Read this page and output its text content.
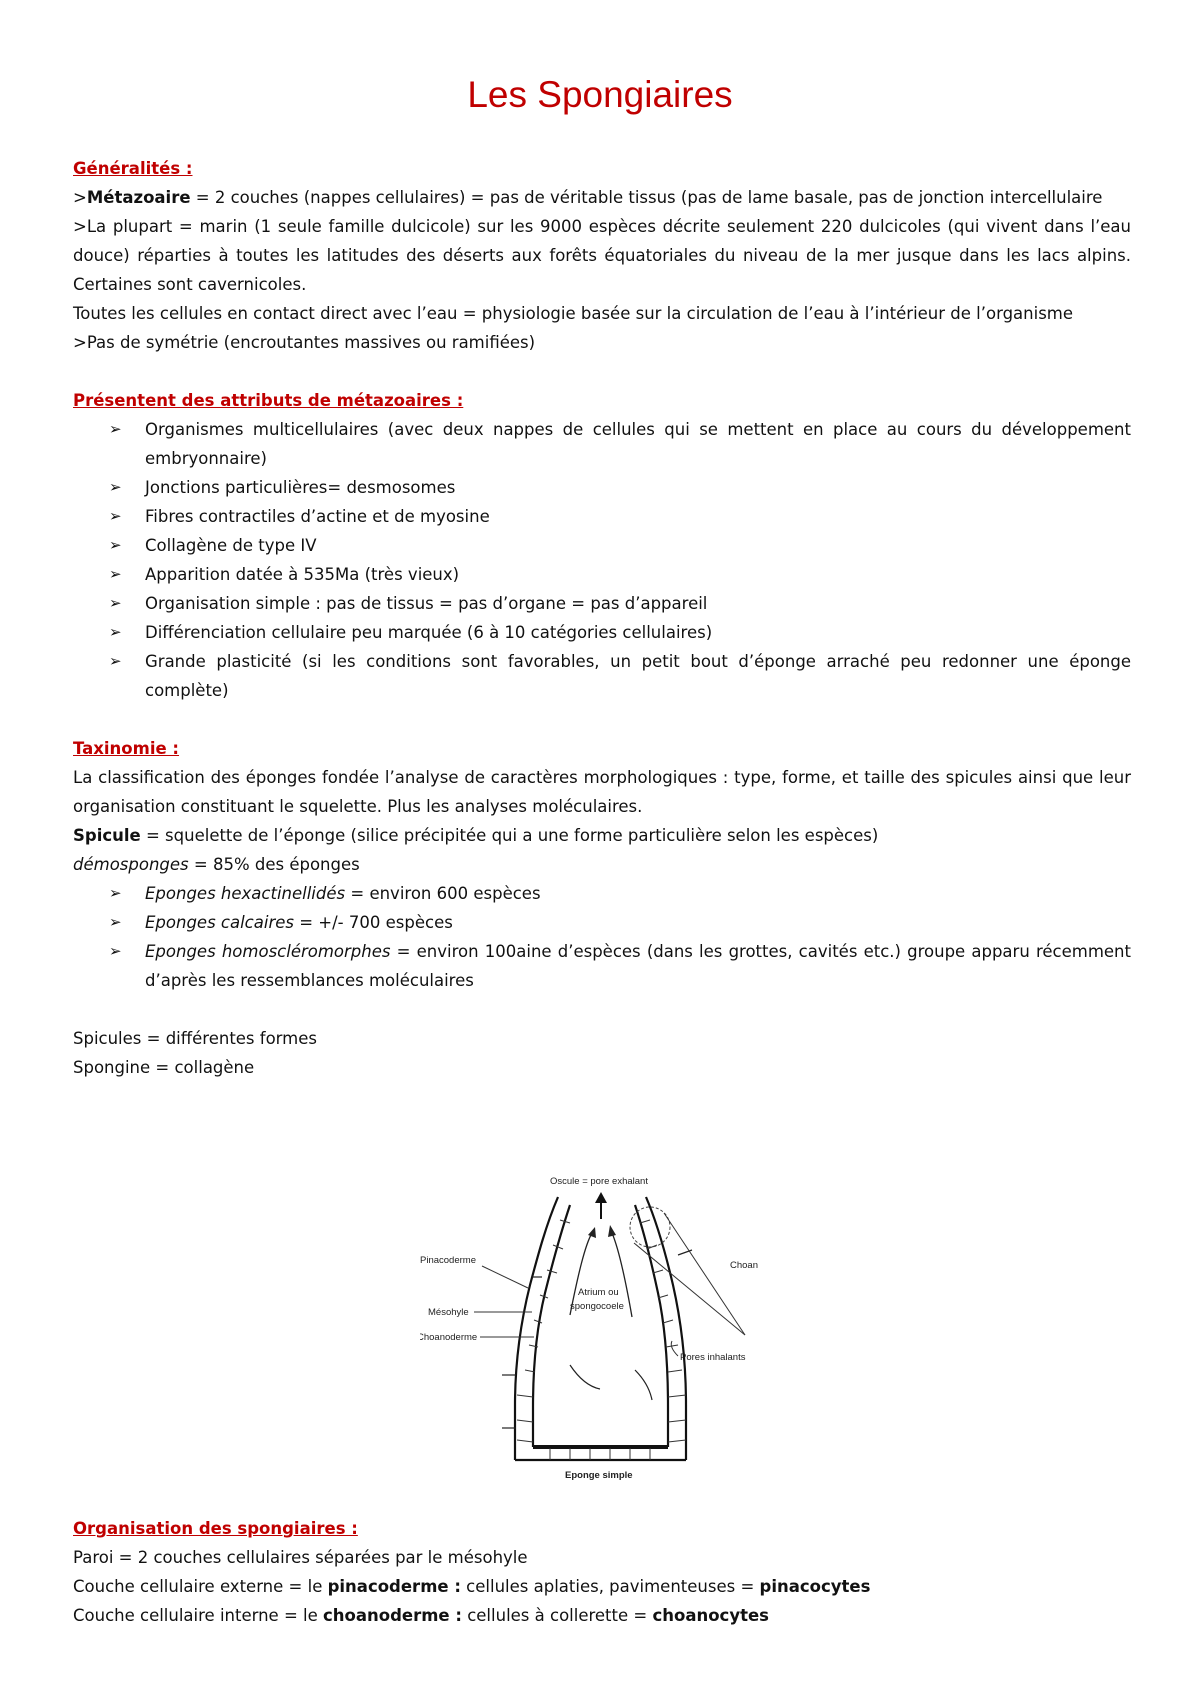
Les Spongiaires
Généralités :
>Métazoaire = 2 couches (nappes cellulaires) = pas de véritable tissus (pas de lame basale, pas de jonction intercellulaire
>La plupart = marin (1 seule famille dulcicole) sur les 9000 espèces décrite seulement 220 dulcicoles (qui vivent dans l’eau douce) réparties à toutes les latitudes des déserts aux forêts équatoriales du niveau de la mer jusque dans les lacs alpins. Certaines sont cavernicoles.
Toutes les cellules en contact direct avec l’eau = physiologie basée sur la circulation de l’eau à l’intérieur de l’organisme
>Pas de symétrie (encroutantes massives ou ramifiées)
Présentent des attributs de métazoaires :
➢ Organismes multicellulaires (avec deux nappes de cellules qui se mettent en place au cours du développement embryonnaire)
➢ Jonctions particulières= desmosomes
➢ Fibres contractiles d’actine et de myosine
➢ Collagène de type IV
➢ Apparition datée à 535Ma (très vieux)
➢ Organisation simple : pas de tissus = pas d’organe = pas d’appareil
➢ Différenciation cellulaire peu marquée (6 à 10 catégories cellulaires)
➢ Grande plasticité (si les conditions sont favorables, un petit bout d’éponge arraché peu redonner une éponge complète)
Taxinomie :
La classification des éponges fondée l’analyse de caractères morphologiques : type, forme, et taille des spicules ainsi que leur organisation constituant le squelette. Plus les analyses moléculaires.
Spicule = squelette de l’éponge (silice précipitée qui a une forme particulière selon les espèces)
démosponges = 85% des éponges
➢ Eponges hexactinellidés = environ 600 espèces
➢ Eponges calcaires = +/- 700 espèces
➢ Eponges homoscléromorphes = environ 100aine d’espèces (dans les grottes, cavités etc.) groupe apparu récemment d’après les ressemblances moléculaires
Spicules = différentes formes
Spongine = collagène
Oscule = pore exhalant
Pinacoderme
Mésohyle
Choanoderme
Atrium ou
spongocoele
Choan
Pores inhalants
Eponge simple
Organisation des spongiaires :
Paroi = 2 couches cellulaires séparées par le mésohyle
Couche cellulaire externe = le pinacoderme : cellules aplaties, pavimenteuses = pinacocytes
Couche cellulaire interne = le choanoderme : cellules à collerette = choanocytes
